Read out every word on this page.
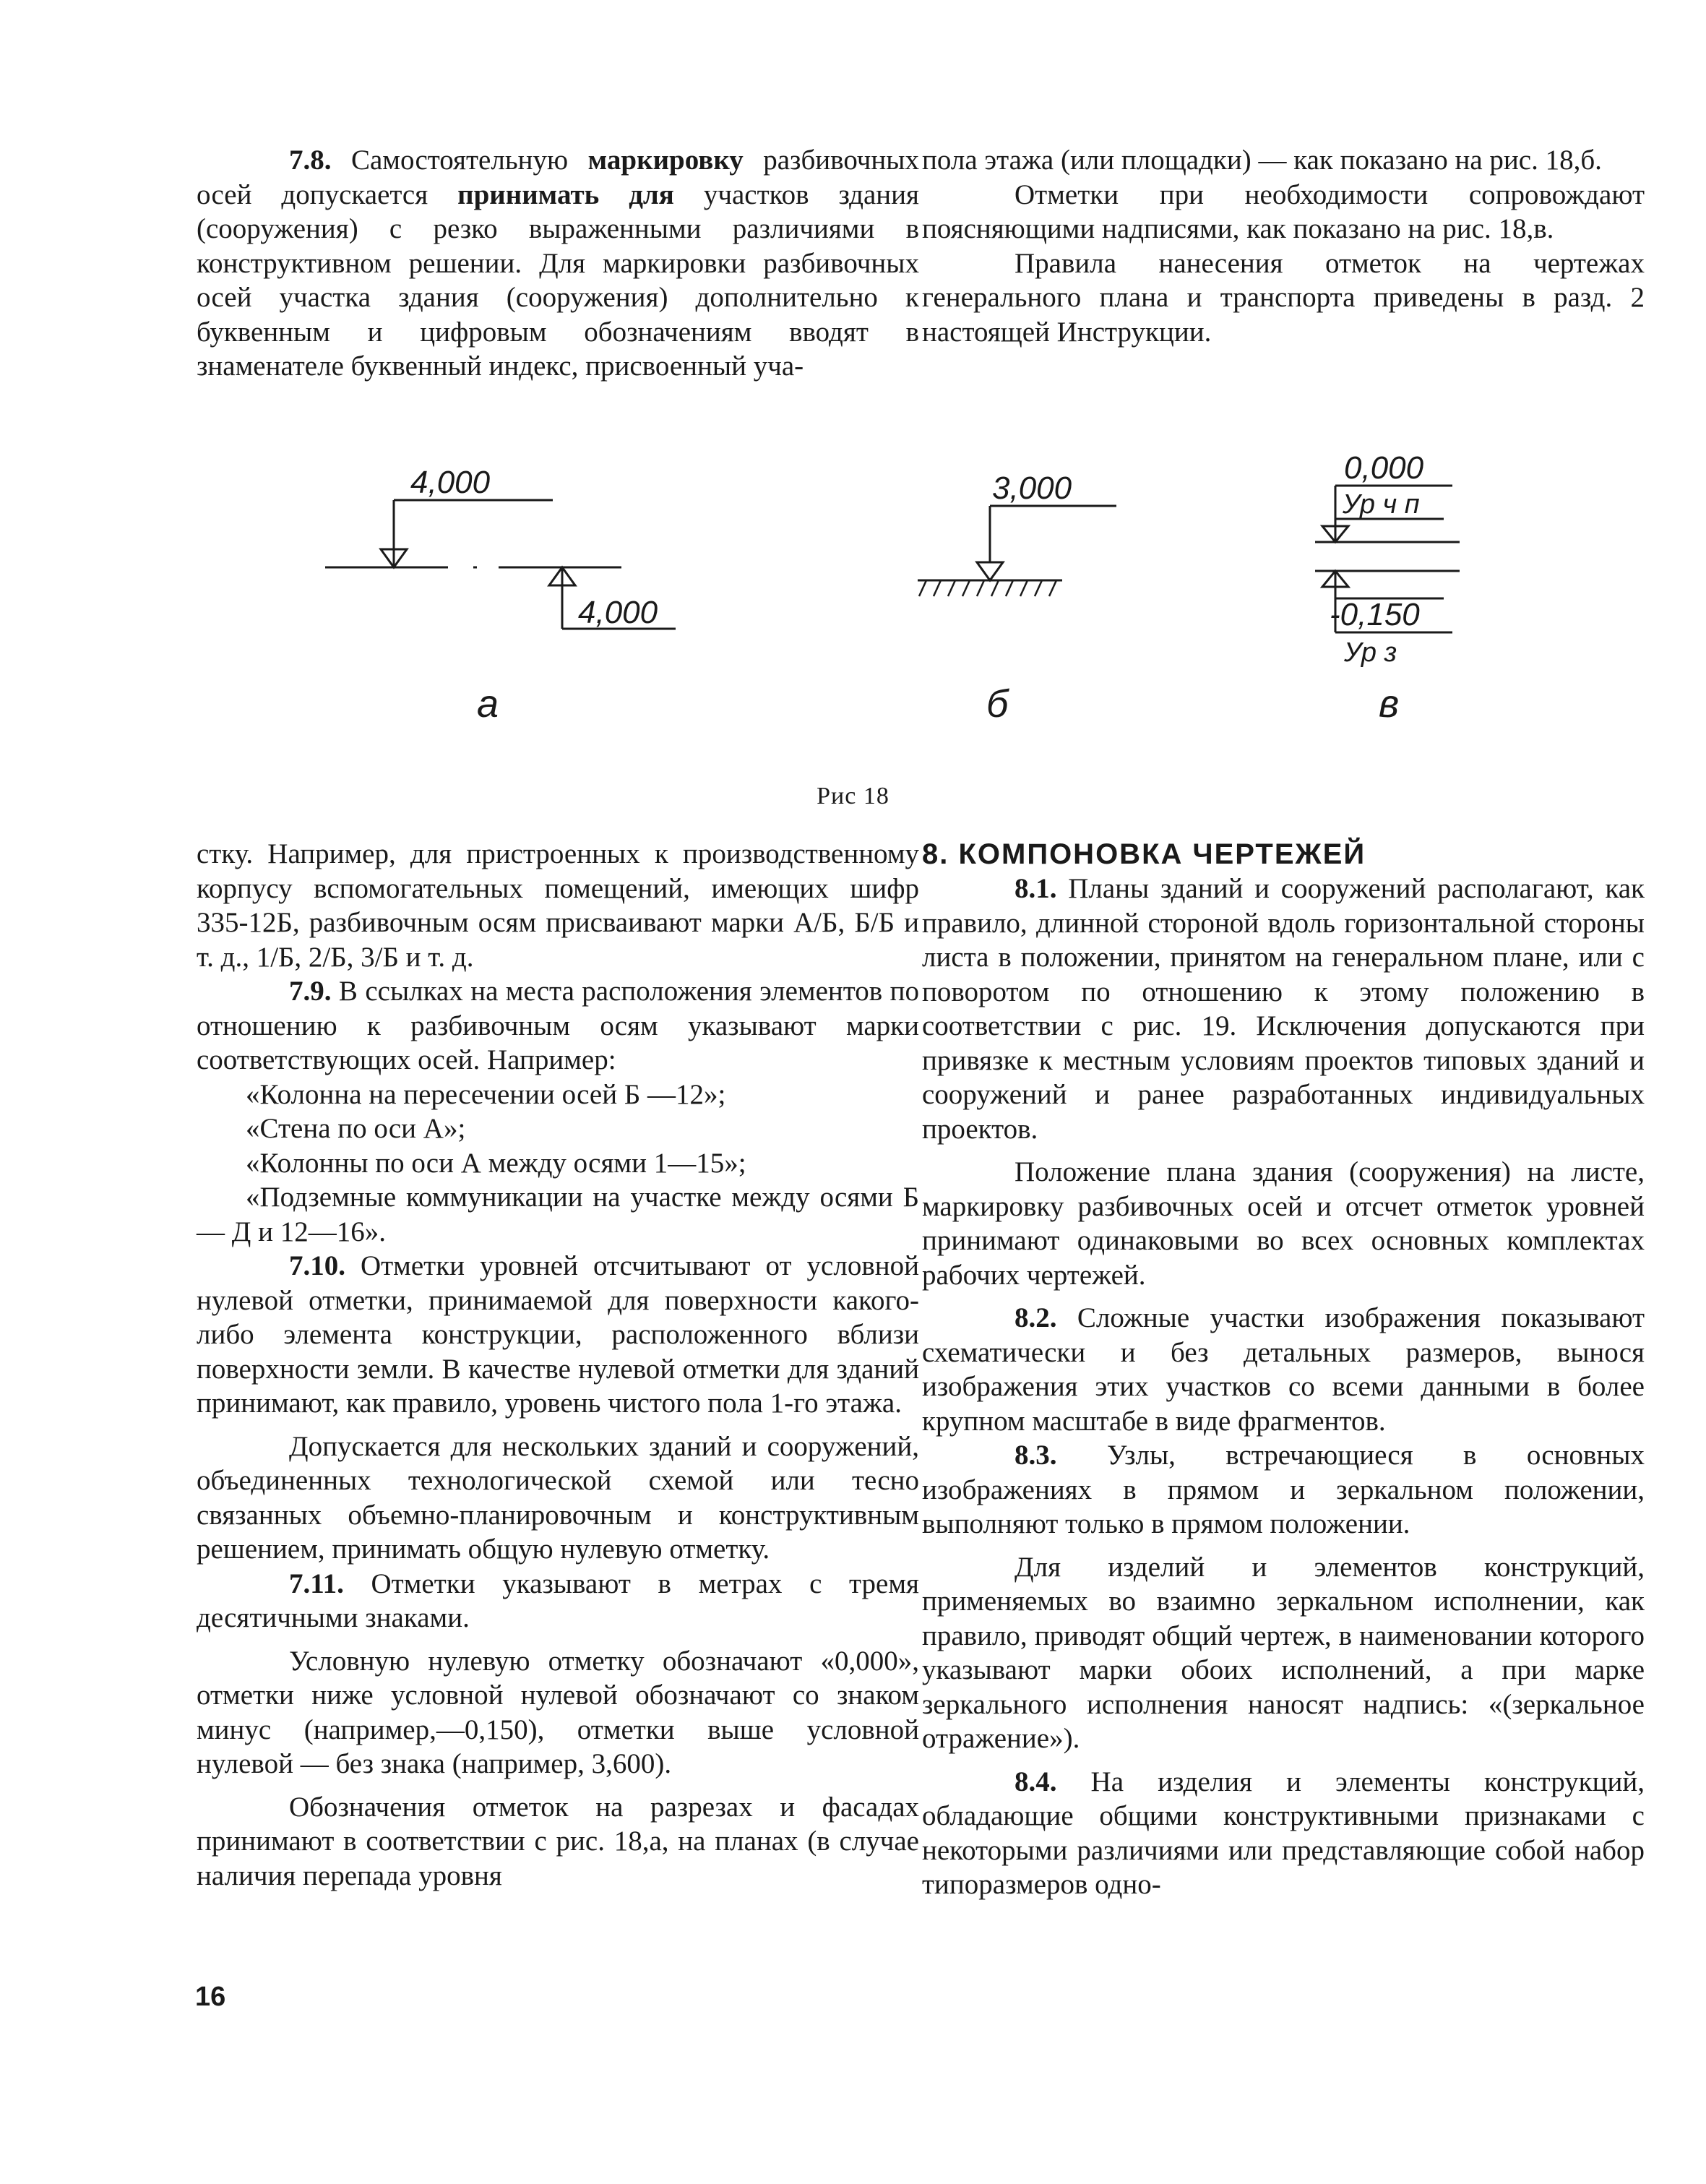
7.8. Самостоятельную маркировку разбивочных осей допускается принимать для участков здания (сооружения) с резко выраженными различиями в конструктивном решении. Для маркировки разбивочных осей участка здания (сооружения) дополнительно к буквенным и цифровым обозначениям вводят в знаменателе буквенный индекс, присвоенный уча-

пола этажа (или площадки) — как показано на рис. 18,б.

Отметки при необходимости сопровождают поясняющими надписями, как показано на рис. 18,в.

Правила нанесения отметок на чертежах генерального плана и транспорта приведены в разд. 2 настоящей Инструкции.

4,000
4,000
а
3,000
б
0,000
Ур ч п
-0,150
Ур з
в
Рис 18

стку. Например, для пристроенных к производственному корпусу вспомогательных помещений, имеющих шифр 335-12Б, разбивочным осям присваивают марки А/Б, Б/Б и т. д., 1/Б, 2/Б, 3/Б и т. д.

7.9. В ссылках на места расположения элементов по отношению к разбивочным осям указывают марки соответствующих осей. Например:

«Колонна на пересечении осей Б —12»;

«Стена по оси А»;

«Колонны по оси А между осями 1—15»;

«Подземные коммуникации на участке между осями Б — Д и 12—16».

7.10. Отметки уровней отсчитывают от условной нулевой отметки, принимаемой для поверхности какого-либо элемента конструкции, расположенного вблизи поверхности земли. В качестве нулевой отметки для зданий принимают, как правило, уровень чистого пола 1-го этажа.

Допускается для нескольких зданий и сооружений, объединенных технологической схемой или тесно связанных объемно-планировочным и конструктивным решением, принимать общую нулевую отметку.

7.11. Отметки указывают в метрах с тремя десятичными знаками.

Условную нулевую отметку обозначают «0,000», отметки ниже условной нулевой обозначают со знаком минус (например,—0,150), отметки выше условной нулевой — без знака (например, 3,600).

Обозначения отметок на разрезах и фасадах принимают в соответствии с рис. 18,а, на планах (в случае наличия перепада уровня

8. КОМПОНОВКА ЧЕРТЕЖЕЙ

8.1. Планы зданий и сооружений располагают, как правило, длинной стороной вдоль горизонтальной стороны листа в положении, принятом на генеральном плане, или с поворотом по отношению к этому положению в соответствии с рис. 19. Исключения допускаются при привязке к местным условиям проектов типовых зданий и сооружений и ранее разработанных индивидуальных проектов.

Положение плана здания (сооружения) на листе, маркировку разбивочных осей и отсчет отметок уровней принимают одинаковыми во всех основных комплектах рабочих чертежей.

8.2. Сложные участки изображения показывают схематически и без детальных размеров, вынося изображения этих участков со всеми данными в более крупном масштабе в виде фрагментов.

8.3. Узлы, встречающиеся в основных изображениях в прямом и зеркальном положении, выполняют только в прямом положении.

Для изделий и элементов конструкций, применяемых во взаимно зеркальном исполнении, как правило, приводят общий чертеж, в наименовании которого указывают марки обоих исполнений, а при марке зеркального исполнения наносят надпись: «(зеркальное отражение»).

8.4. На изделия и элементы конструкций, обладающие общими конструктивными признаками с некоторыми различиями или представляющие собой набор типоразмеров одно-

16
